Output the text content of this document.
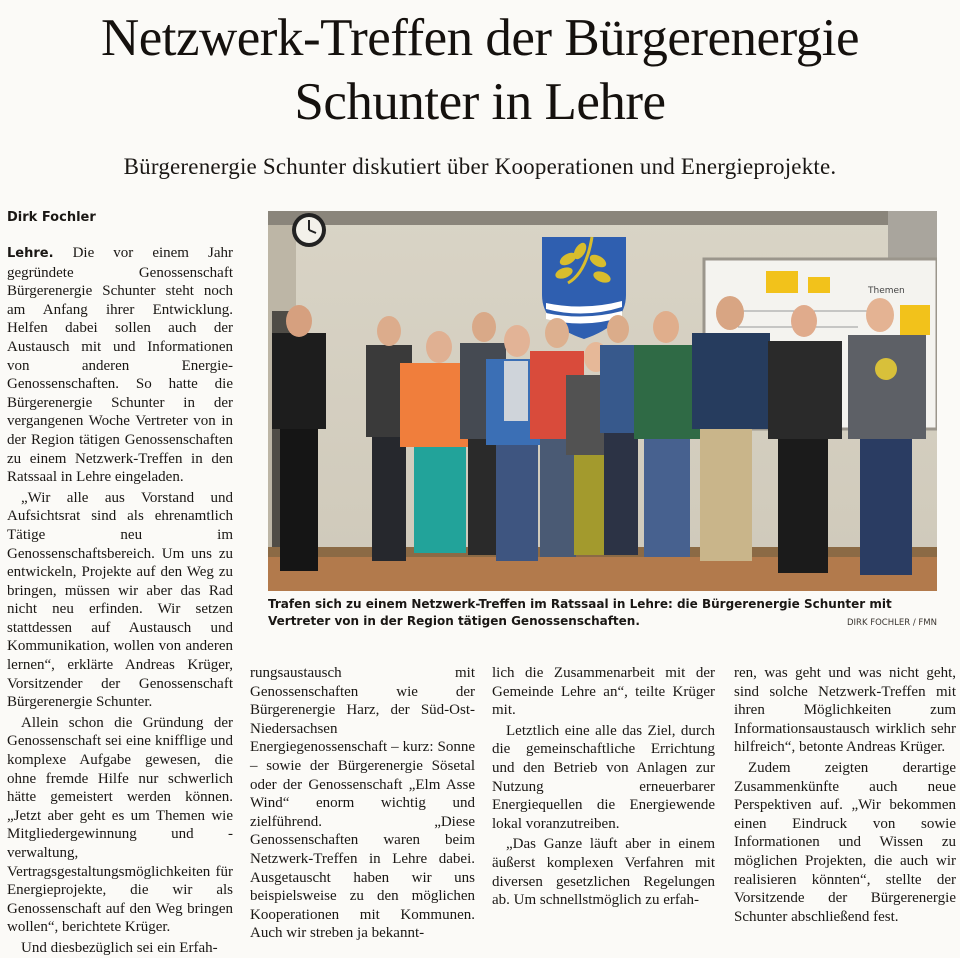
Netzwerk-Treffen der Bürgerenergie
Schunter in Lehre
Bürgerenergie Schunter diskutiert über Kooperationen und Energieprojekte.
Dirk Fochler

Lehre. Die vor einem Jahr gegründete Genossenschaft Bürgerenergie Schunter steht noch am Anfang ihrer Entwicklung. Helfen dabei sollen auch der Austausch mit und Informationen von anderen Energie-Genossenschaften. So hatte die Bürgerenergie Schunter in der vergangenen Woche Vertreter von in der Region tätigen Genossenschaften zu einem Netzwerk-Treffen in den Ratssaal in Lehre eingeladen.

„Wir alle aus Vorstand und Aufsichtsrat sind als ehrenamtlich Tätige neu im Genossenschaftsbereich. Um uns zu entwickeln, Projekte auf den Weg zu bringen, müssen wir aber das Rad nicht neu erfinden. Wir setzen stattdessen auf Austausch und Kommunikation, wollen von anderen lernen“, erklärte Andreas Krüger, Vorsitzender der Genossenschaft Bürgerenergie Schunter.

Allein schon die Gründung der Genossenschaft sei eine knifflige und komplexe Aufgabe gewesen, die ohne fremde Hilfe nur schwerlich hätte gemeistert werden können. „Jetzt aber geht es um Themen wie Mitgliedergewinnung und -verwaltung, Vertragsgestaltungsmöglichkeiten für Energieprojekte, die wir als Genossenschaft auf den Weg bringen wollen“, berichtete Krüger.

Und diesbezüglich sei ein Erfah-

Themen
Trafen sich zu einem Netzwerk-Treffen im Ratssaal in Lehre: die Bürgerenergie Schunter mit Vertreter von in der Region tätigen Genossenschaften.	DIRK FOCHLER / FMN

rungsaustausch mit Genossenschaften wie der Bürgerenergie Harz, der Süd-Ost-Niedersachsen Energiegenossenschaft – kurz: Sonne – sowie der Bürgerenergie Sösetal oder der Genossenschaft „Elm Asse Wind“ enorm wichtig und zielführend. „Diese Genossenschaften waren beim Netzwerk-Treffen in Lehre dabei. Ausgetauscht haben wir uns beispielsweise zu den möglichen Kooperationen mit Kommunen. Auch wir streben ja bekannt-

lich die Zusammenarbeit mit der Gemeinde Lehre an“, teilte Krüger mit.

Letztlich eine alle das Ziel, durch die gemeinschaftliche Errichtung und den Betrieb von Anlagen zur Nutzung erneuerbarer Energiequellen die Energiewende lokal voranzutreiben.

„Das Ganze läuft aber in einem äußerst komplexen Verfahren mit diversen gesetzlichen Regelungen ab. Um schnellstmöglich zu erfah-

ren, was geht und was nicht geht, sind solche Netzwerk-Treffen mit ihren Möglichkeiten zum Informationsaustausch wirklich sehr hilfreich“, betonte Andreas Krüger.

Zudem zeigten derartige Zusammenkünfte auch neue Perspektiven auf. „Wir bekommen einen Eindruck von sowie Informationen und Wissen zu möglichen Projekten, die auch wir realisieren könnten“, stellte der Vorsitzende der Bürgerenergie Schunter abschließend fest.
